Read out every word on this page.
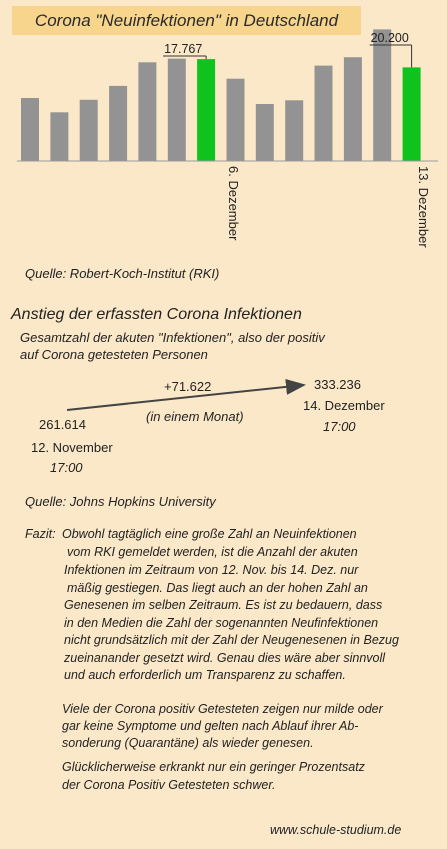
17.767
20.200
Corona "Neuinfektionen" in Deutschland
6. Dezember	13. Dezember
Quelle: Robert-Koch-Institut (RKI)
Anstieg der erfassten Corona Infektionen
Gesamtzahl der akuten "Infektionen", also der positiv
auf Corona getesteten Personen
+71.622
(in einem Monat)
333.236
14. Dezember
17:00
261.614
12. November
17:00
Quelle: Johns Hopkins University
Fazit: Obwohl tagtäglich eine große Zahl an Neuinfektionen
vom RKI gemeldet werden, ist die Anzahl der akuten
Infektionen im Zeitraum von 12. Nov. bis 14. Dez. nur
mäßig gestiegen. Das liegt auch an der hohen Zahl an
Genesenen im selben Zeitraum. Es ist zu bedauern, dass
in den Medien die Zahl der sogenannten Neufinfektionen
nicht grundsätzlich mit der Zahl der Neugenesenen in Bezug
zueinanander gesetzt wird. Genau dies wäre aber sinnvoll
und auch erforderlich um Transparenz zu schaffen.
Viele der Corona positiv Getesteten zeigen nur milde oder
gar keine Symptome und gelten nach Ablauf ihrer Ab-
sonderung (Quarantäne) als wieder genesen.
Glücklicherweise erkrankt nur ein geringer Prozentsatz
der Corona Positiv Getesteten schwer.
www.schule-studium.de
